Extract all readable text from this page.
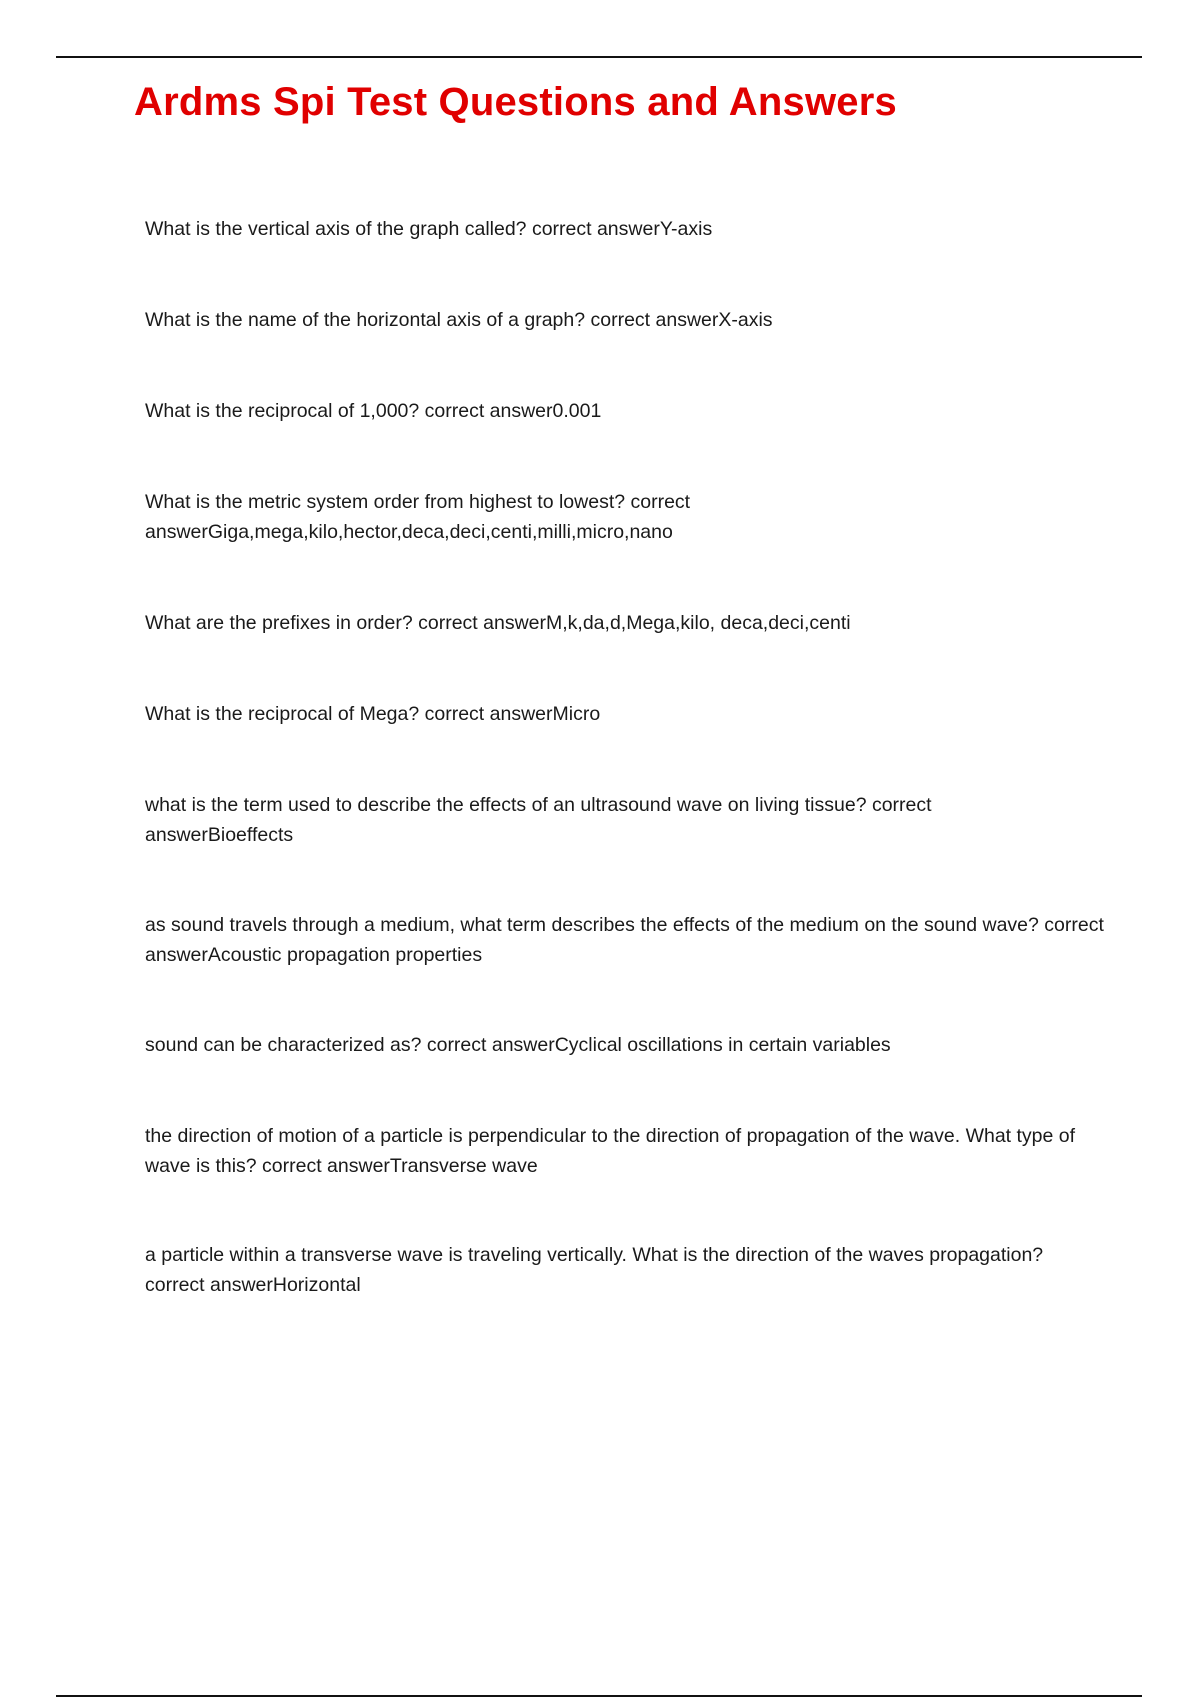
Ardms Spi Test Questions and Answers

What is the vertical axis of the graph called? correct answerY-axis

What is the name of the horizontal axis of a graph? correct answerX-axis

What is the reciprocal of 1,000? correct answer0.001

What is the metric system order from highest to lowest? correct answerGiga,mega,kilo,hector,deca,deci,centi,milli,micro,nano

What are the prefixes in order? correct answerM,k,da,d,Mega,kilo, deca,deci,centi

What is the reciprocal of Mega? correct answerMicro

what is the term used to describe the effects of an ultrasound wave on living tissue? correct answerBioeffects

as sound travels through a medium, what term describes the effects of the medium on the sound wave? correct answerAcoustic propagation properties

sound can be characterized as? correct answerCyclical oscillations in certain variables

the direction of motion of a particle is perpendicular to the direction of propagation of the wave. What type of wave is this? correct answerTransverse wave

a particle within a transverse wave is traveling vertically. What is the direction of the waves propagation? correct answerHorizontal
